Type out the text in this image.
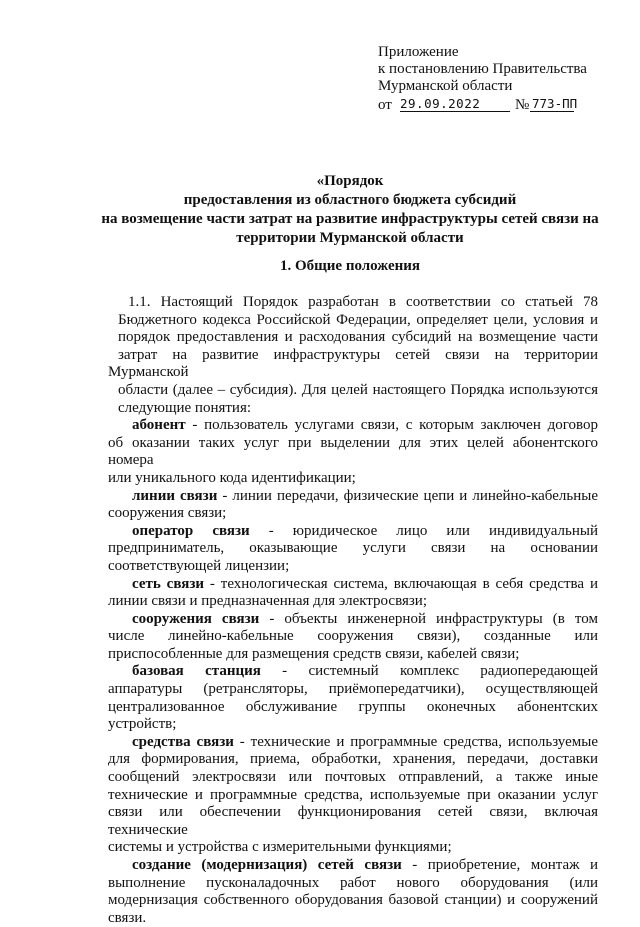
Приложение
к постановлению Правительства
Мурманской области
от 29.09.2022 № 773-ПП
«Порядок
предоставления из областного бюджета субсидий
на возмещение части затрат на развитие инфраструктуры сетей связи на
территории Мурманской области
1. Общие положения

1.1. Настоящий Порядок разработан в соответствии со статьей 78
Бюджетного кодекса Российской Федерации, определяет цели, условия и
порядок предоставления и расходования субсидий на возмещение части
затрат на развитие инфраструктуры сетей связи на территории Мурманской
области (далее – субсидия). Для целей настоящего Порядка используются
следующие понятия:

абонент - пользователь услугами связи, с которым заключен договор
об оказании таких услуг при выделении для этих целей абонентского номера
или уникального кода идентификации;

линии связи - линии передачи, физические цепи и линейно-кабельные
сооружения связи;

оператор связи - юридическое лицо или индивидуальный
предприниматель, оказывающие услуги связи на основании
соответствующей лицензии;

сеть связи - технологическая система, включающая в себя средства и
линии связи и предназначенная для электросвязи;

сооружения связи - объекты инженерной инфраструктуры (в том
числе линейно-кабельные сооружения связи), созданные или
приспособленные для размещения средств связи, кабелей связи;

базовая станция - системный комплекс радиопередающей
аппаратуры (ретрансляторы, приёмопередатчики), осуществляющей
централизованное обслуживание группы оконечных абонентских устройств;

средства связи - технические и программные средства, используемые
для формирования, приема, обработки, хранения, передачи, доставки
сообщений электросвязи или почтовых отправлений, а также иные
технические и программные средства, используемые при оказании услуг
связи или обеспечении функционирования сетей связи, включая технические
системы и устройства с измерительными функциями;

создание (модернизация) сетей связи - приобретение, монтаж и
выполнение пусконаладочных работ нового оборудования (или
модернизация собственного оборудования базовой станции) и сооружений
связи.
